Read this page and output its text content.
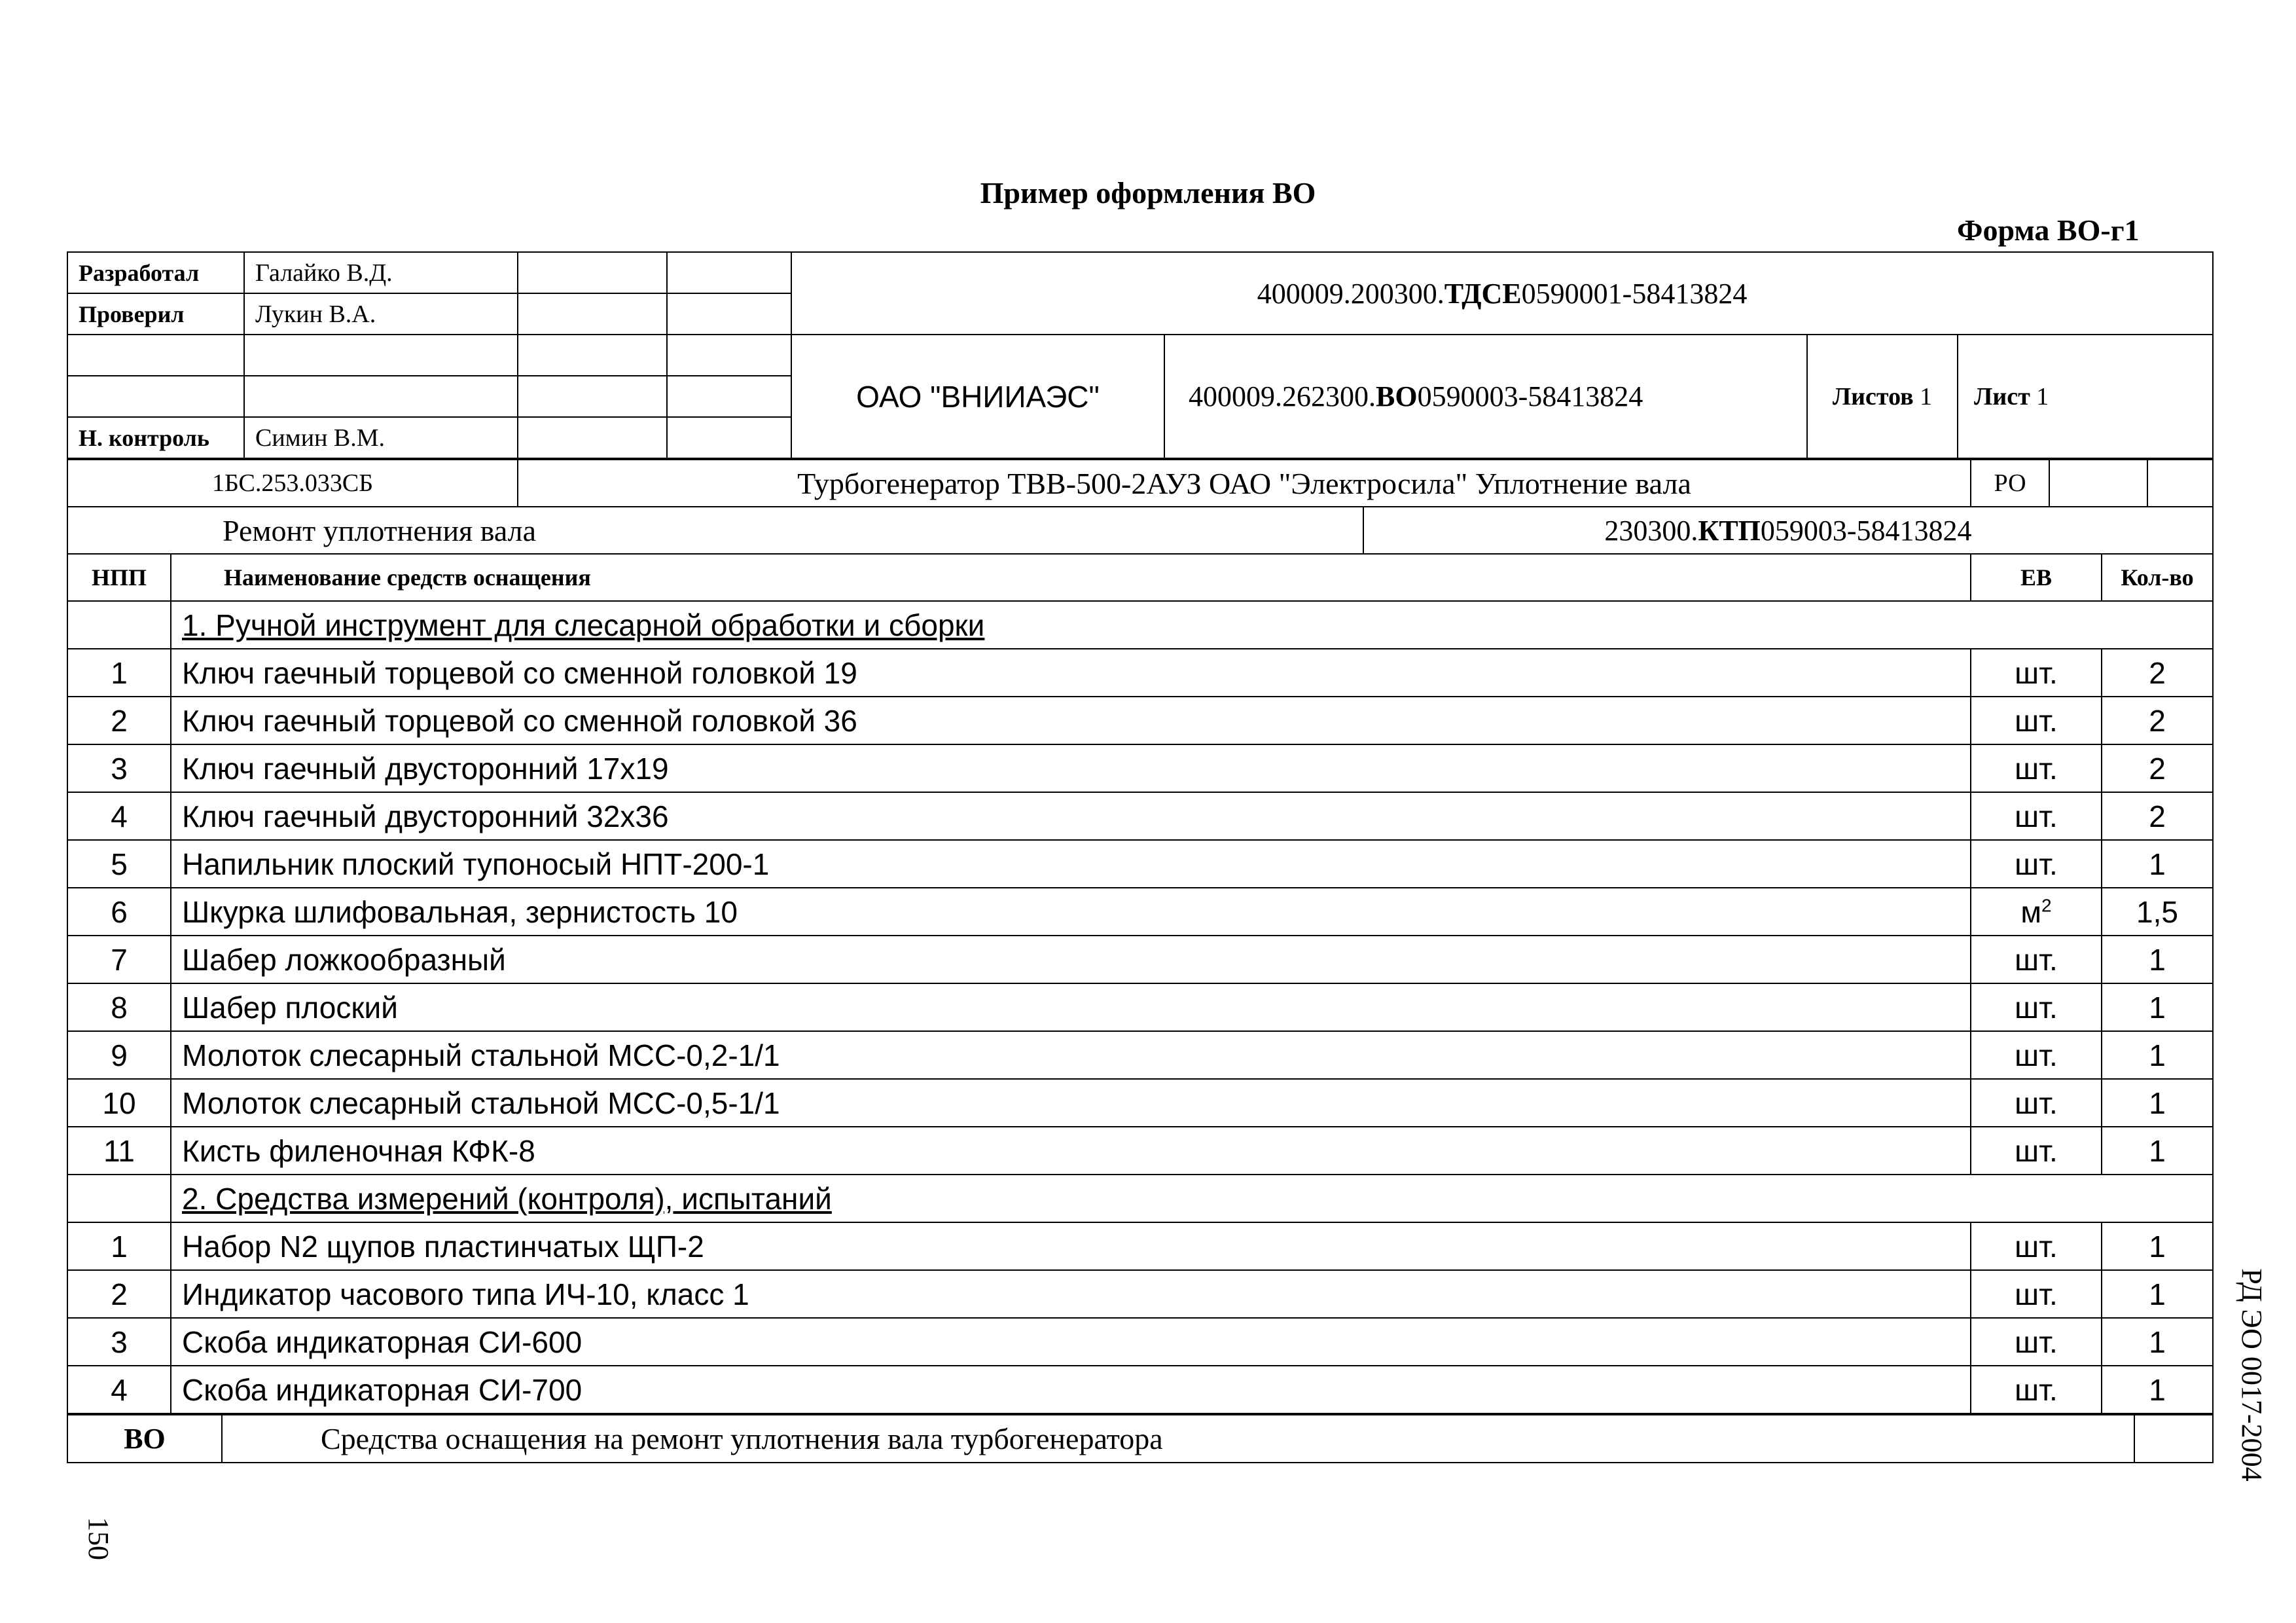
Пример оформления ВО
Форма ВО-г1
Разработал	Галайко В.Д.			400009.200300.ТДСЕ0590001-58413824			
Проверил	Лукин В.А.						
				ОАО "ВНИИАЭС"	400009.262300.ВО0590003-58413824	Листов 1	Лист 1

Н. контроль	Симин В.М.						
1БС.253.033СБ	Турбогенератор ТВВ-500-2АУЗ ОАО "Электросила" Уплотнение вала	РО		
Ремонт уплотнения вала	230300.КТП059003-58413824
НПП	Наименование средств оснащения	ЕВ	Кол-во
	1. Ручной инструмент для слесарной обработки и сборки		
1	Ключ гаечный торцевой со сменной головкой 19	шт.	2
2	Ключ гаечный торцевой со сменной головкой 36	шт.	2
3	Ключ гаечный двусторонний 17х19	шт.	2
4	Ключ гаечный двусторонний 32х36	шт.	2
5	Напильник плоский тупоносый НПТ-200-1	шт.	1
6	Шкурка шлифовальная, зернистость 10	$м^2$	1,5
7	Шабер ложкообразный	шт.	1
8	Шабер плоский	шт.	1
9	Молоток слесарный стальной МСС-0,2-1/1	шт.	1
10	Молоток слесарный стальной МСС-0,5-1/1	шт.	1
11	Кисть филеночная КФК-8	шт.	1
	2. Средства измерений (контроля), испытаний		
1	Набор N2 щупов пластинчатых ЩП-2	шт.	1
2	Индикатор часового типа ИЧ-10, класс 1	шт.	1
3	Скоба индикаторная СИ-600	шт.	1
4	Скоба индикаторная СИ-700	шт.	1
ВО	Средства оснащения на ремонт уплотнения вала турбогенератора		РД ЭО 0017-2004
150
